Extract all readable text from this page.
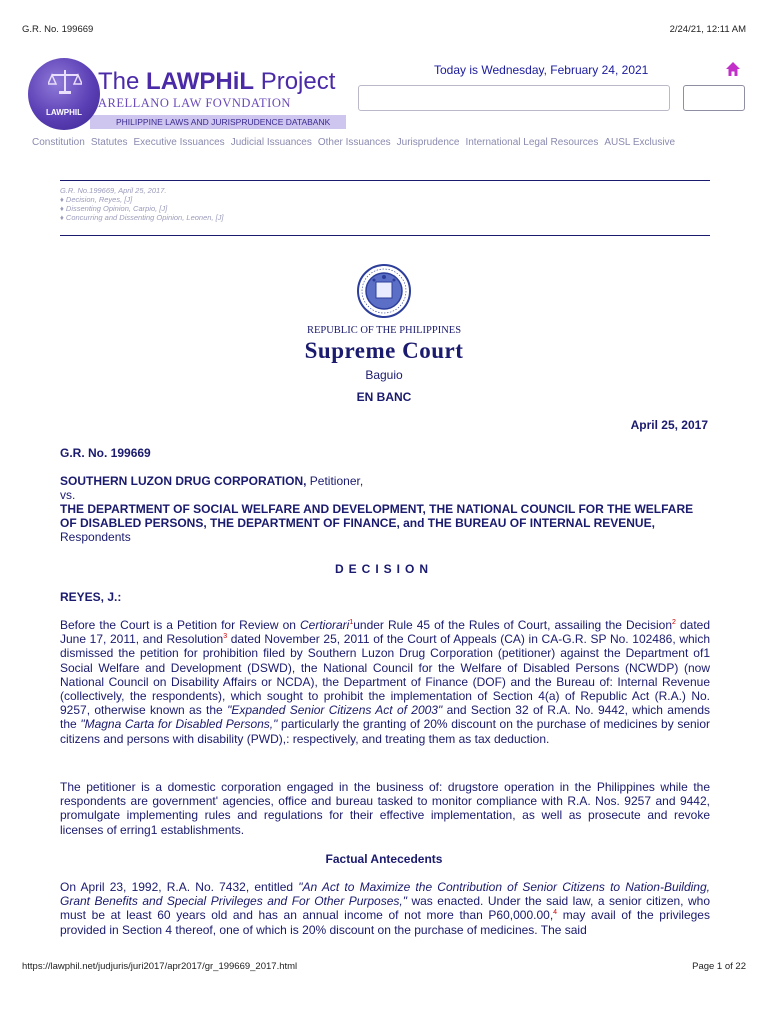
G.R. No. 199669	2/24/21, 12:11 AM
PHILIPPINE LAWS AND JURISPRUDENCE DATABANK
LAWPHIL
The LAWPHiL Project
ARELLANO LAW FOVNDATION
Today is Wednesday, February 24, 2021
Constitution Statutes Executive Issuances Judicial Issuances Other Issuances Jurisprudence International Legal Resources AUSL Exclusive
G.R. No.199669, April 25, 2017.
♦ Decision, Reyes, [J]
♦ Dissenting Opinion, Carpio, [J]
♦ Concurring and Dissenting Opinion, Leonen, [J]
REPUBLIC OF THE PHILIPPINES
Supreme Court
Baguio
EN BANC
April 25, 2017
G.R. No. 199669
SOUTHERN LUZON DRUG CORPORATION, Petitioner,
vs.
THE DEPARTMENT OF SOCIAL WELFARE AND DEVELOPMENT, THE NATIONAL COUNCIL FOR THE WELFARE OF DISABLED PERSONS, THE DEPARTMENT OF FINANCE, and THE BUREAU OF INTERNAL REVENUE, Respondents
DECISION
REYES, J.:
Before the Court is a Petition for Review on Certiorari$^1$under Rule 45 of the Rules of Court, assailing the Decision$^2$ dated June 17, 2011, and Resolution$^3$ dated November 25, 2011 of the Court of Appeals (CA) in CA-G.R. SP No. 102486, which dismissed the petition for prohibition filed by Southern Luzon Drug Corporation (petitioner) against the Department of1 Social Welfare and Development (DSWD), the National Council for the Welfare of Disabled Persons (NCWDP) (now National Council on Disability Affairs or NCDA), the Department of Finance (DOF) and the Bureau of: Internal Revenue (collectively, the respondents), which sought to prohibit the implementation of Section 4(a) of Republic Act (R.A.) No. 9257, otherwise known as the "Expanded Senior Citizens Act of 2003" and Section 32 of R.A. No. 9442, which amends the "Magna Carta for Disabled Persons," particularly the granting of 20% discount on the purchase of medicines by senior citizens and persons with disability (PWD),: respectively, and treating them as tax deduction.
The petitioner is a domestic corporation engaged in the business of: drugstore operation in the Philippines while the respondents are government' agencies, office and bureau tasked to monitor compliance with R.A. Nos. 9257 and 9442, promulgate implementing rules and regulations for their effective implementation, as well as prosecute and revoke licenses of erring1 establishments.
Factual Antecedents
On April 23, 1992, R.A. No. 7432, entitled "An Act to Maximize the Contribution of Senior Citizens to Nation-Building, Grant Benefits and Special Privileges and For Other Purposes," was enacted. Under the said law, a senior citizen, who must be at least 60 years old and has an annual income of not more than P60,000.00,$^4$ may avail of the privileges provided in Section 4 thereof, one of which is 20% discount on the purchase of medicines. The said
https://lawphil.net/judjuris/juri2017/apr2017/gr_199669_2017.html	Page 1 of 22
